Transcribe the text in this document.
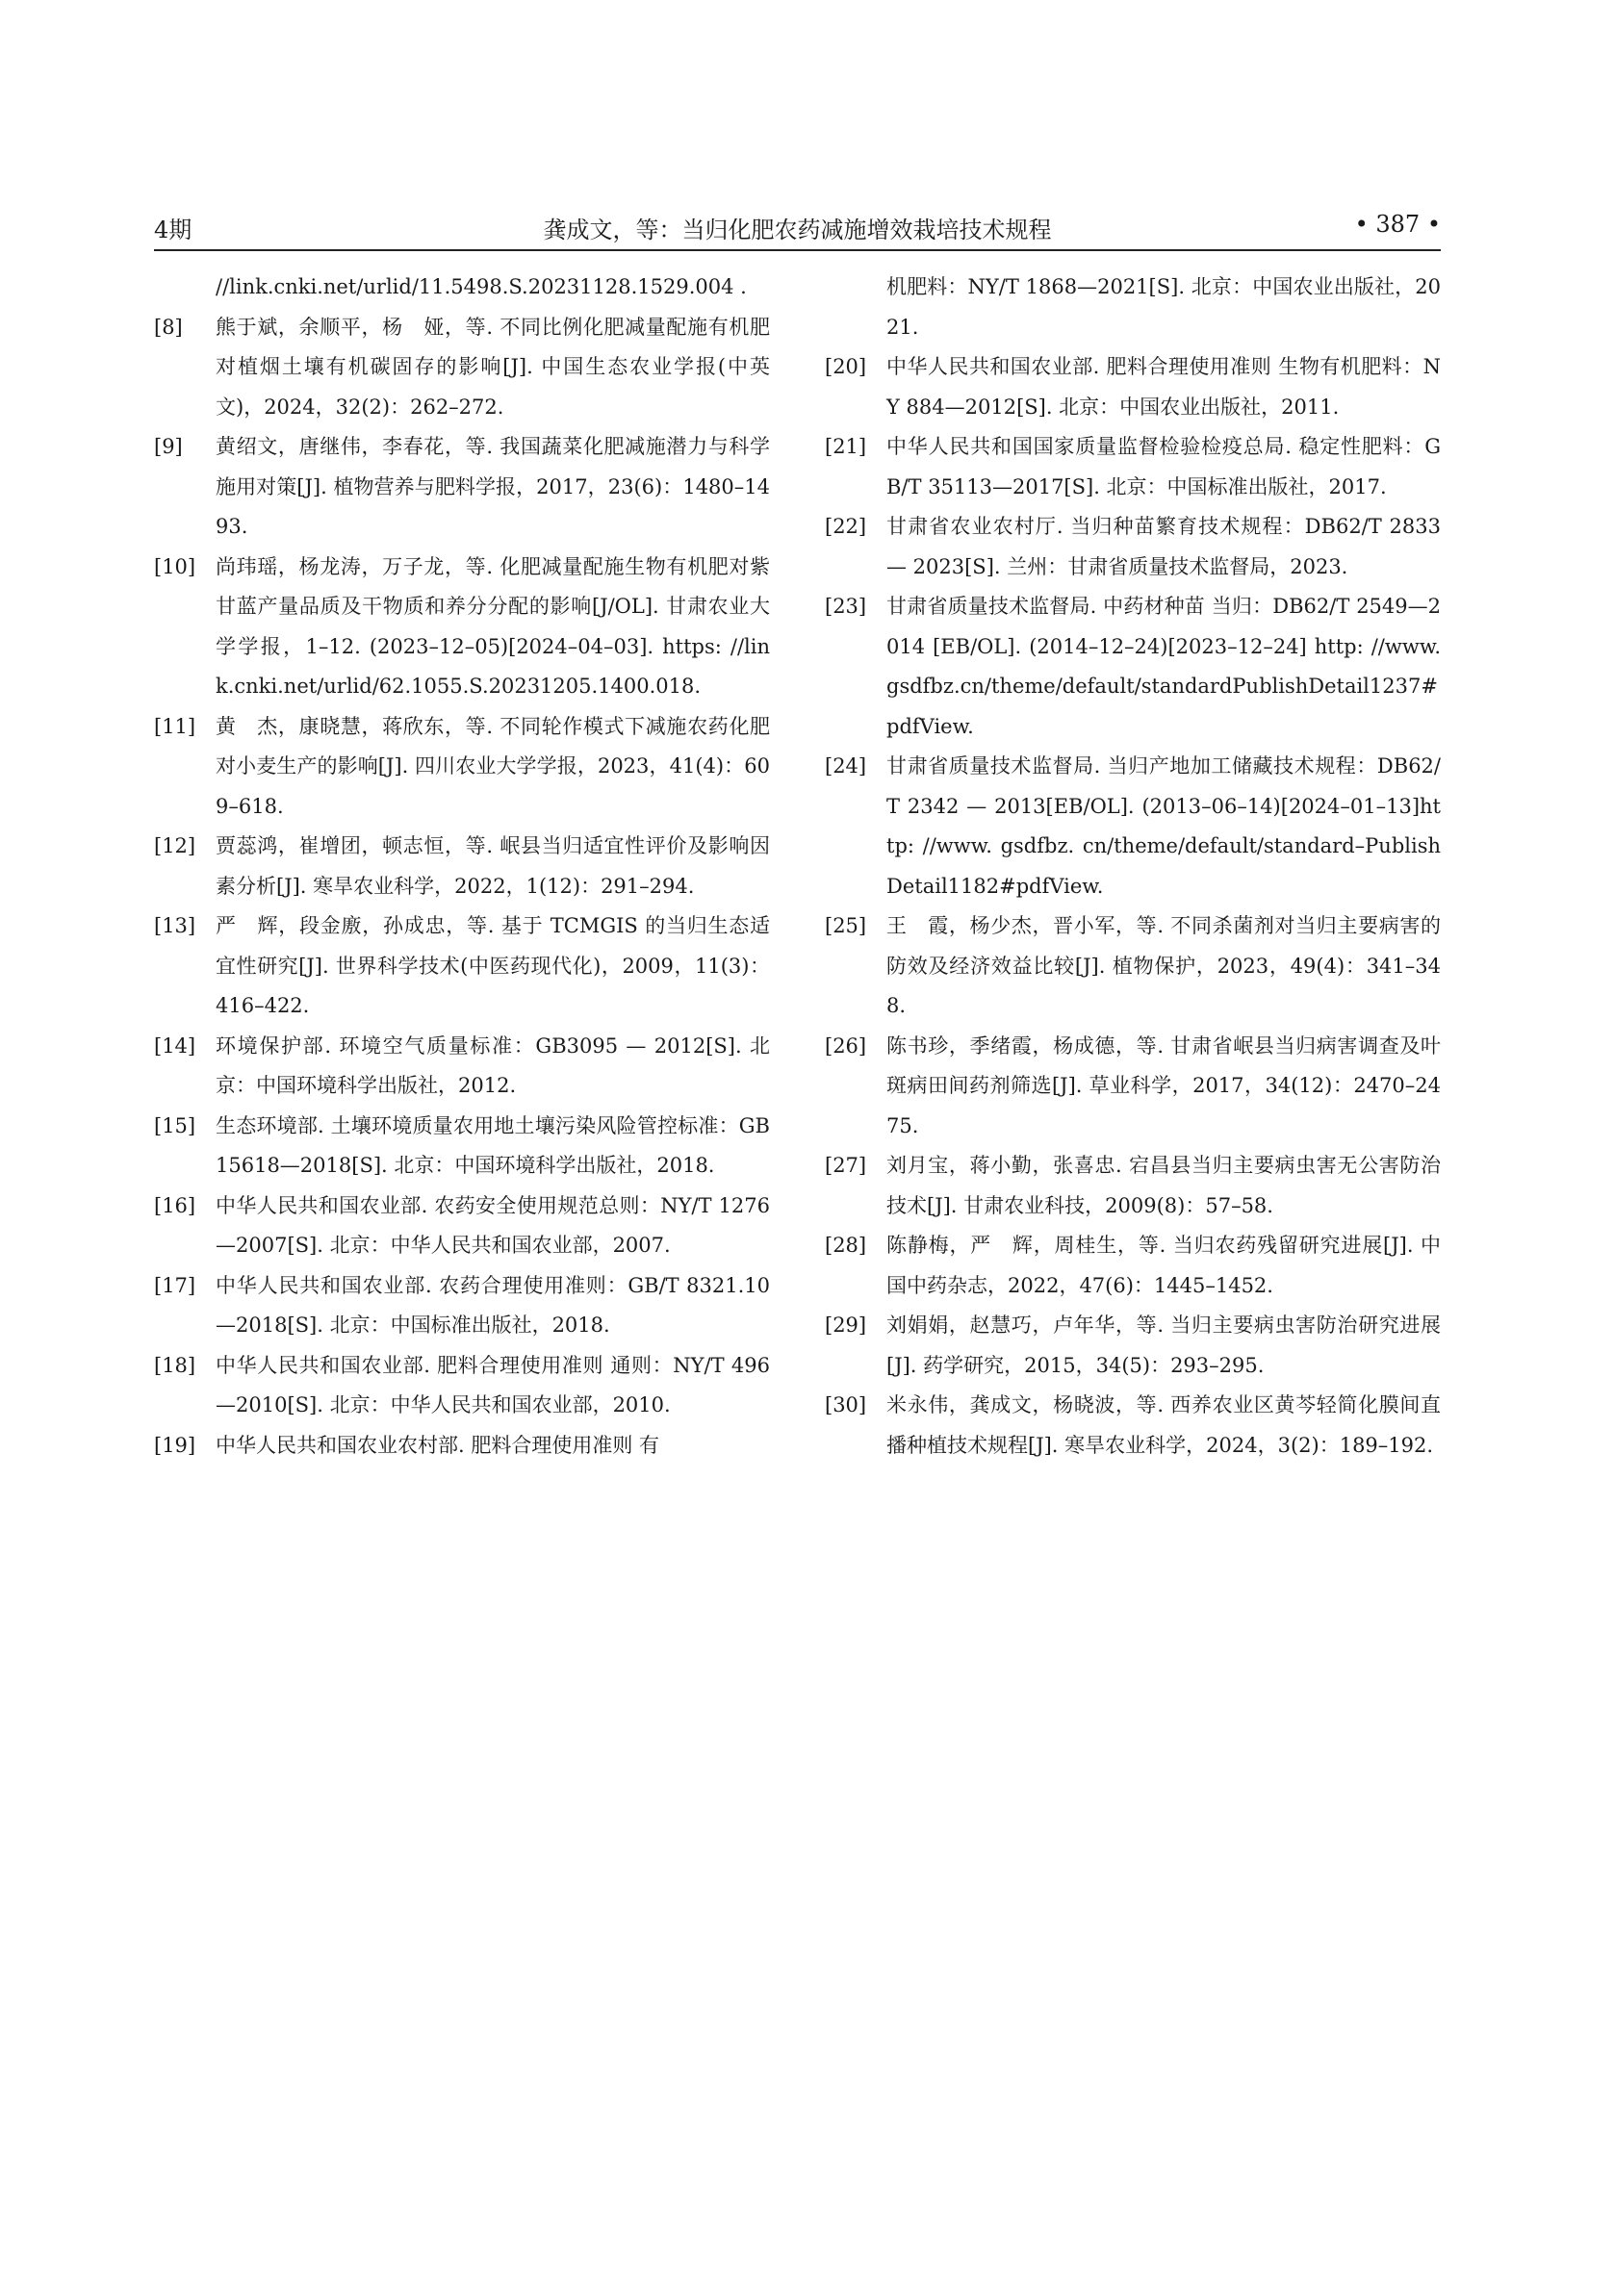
4期	龚成文，等：当归化肥农药减施增效栽培技术规程	• 387 •
//link.cnki.net/urlid/11.5498.S.20231128.1529.004 .
[8]	熊于斌，余顺平，杨　娅，等. 不同比例化肥减量配施有机肥对植烟土壤有机碳固存的影响[J]. 中国生态农业学报(中英文)，2024，32(2)：262–272.
[9]	黄绍文，唐继伟，李春花，等. 我国蔬菜化肥减施潜力与科学施用对策[J]. 植物营养与肥料学报，2017，23(6)：1480–1493.
[10] 尚玮瑶，杨龙涛，万子龙，等. 化肥减量配施生物有机肥对紫甘蓝产量品质及干物质和养分分配的影响[J/OL]. 甘肃农业大学学报，1–12. (2023–12–05)[2024–04–03]. https: //link.cnki.net/urlid/62.1055.S.20231205.1400.018.
[11] 黄　杰，康晓慧，蒋欣东，等. 不同轮作模式下减施农药化肥对小麦生产的影响[J]. 四川农业大学学报，2023，41(4)：609–618.
[12] 贾蕊鸿，崔增团，顿志恒，等. 岷县当归适宜性评价及影响因素分析[J]. 寒旱农业科学，2022，1(12)：291–294.
[13] 严　辉，段金廒，孙成忠，等. 基于 TCMGIS 的当归生态适宜性研究[J]. 世界科学技术(中医药现代化)，2009，11(3)：416–422.
[14] 环境保护部. 环境空气质量标准：GB3095 — 2012[S]. 北京：中国环境科学出版社，2012.
[15] 生态环境部. 土壤环境质量农用地土壤污染风险管控标准：GB15618—2018[S]. 北京：中国环境科学出版社，2018.
[16] 中华人民共和国农业部. 农药安全使用规范总则：NY/T 1276—2007[S]. 北京：中华人民共和国农业部，2007.
[17] 中华人民共和国农业部. 农药合理使用准则：GB/T 8321.10—2018[S]. 北京：中国标准出版社，2018.
[18] 中华人民共和国农业部. 肥料合理使用准则 通则：NY/T 496—2010[S]. 北京：中华人民共和国农业部，2010.
[19] 中华人民共和国农业农村部. 肥料合理使用准则 有
机肥料：NY/T 1868—2021[S]. 北京：中国农业出版社，2021.
[20] 中华人民共和国农业部. 肥料合理使用准则 生物有机肥料：NY 884—2012[S]. 北京：中国农业出版社，2011.
[21] 中华人民共和国国家质量监督检验检疫总局. 稳定性肥料：GB/T 35113—2017[S]. 北京：中国标准出版社，2017.
[22] 甘肃省农业农村厅. 当归种苗繁育技术规程：DB62/T 2833 — 2023[S]. 兰州：甘肃省质量技术监督局，2023.
[23] 甘肃省质量技术监督局. 中药材种苗 当归：DB62/T 2549—2014 [EB/OL]. (2014–12–24)[2023–12–24] http: //www.gsdfbz.cn/theme/default/standardPublishDetail1237#pdfView.
[24] 甘肃省质量技术监督局. 当归产地加工储藏技术规程：DB62/T 2342 — 2013[EB/OL]. (2013–06–14)[2024–01–13]http: //www. gsdfbz. cn/theme/default/standard–Publish Detail1182#pdfView.
[25] 王　霞，杨少杰，晋小军，等. 不同杀菌剂对当归主要病害的防效及经济效益比较[J]. 植物保护，2023，49(4)：341–348.
[26] 陈书珍，季绪霞，杨成德，等. 甘肃省岷县当归病害调查及叶斑病田间药剂筛选[J]. 草业科学，2017，34(12)：2470–2475.
[27] 刘月宝，蒋小勤，张喜忠. 宕昌县当归主要病虫害无公害防治技术[J]. 甘肃农业科技，2009(8)：57–58.
[28] 陈静梅，严　辉，周桂生，等. 当归农药残留研究进展[J]. 中国中药杂志，2022，47(6)：1445–1452.
[29] 刘娟娟，赵慧巧，卢年华，等. 当归主要病虫害防治研究进展[J]. 药学研究，2015，34(5)：293–295.
[30] 米永伟，龚成文，杨晓波，等. 西养农业区黄芩轻简化膜间直播种植技术规程[J]. 寒旱农业科学，2024，3(2)：189–192.
